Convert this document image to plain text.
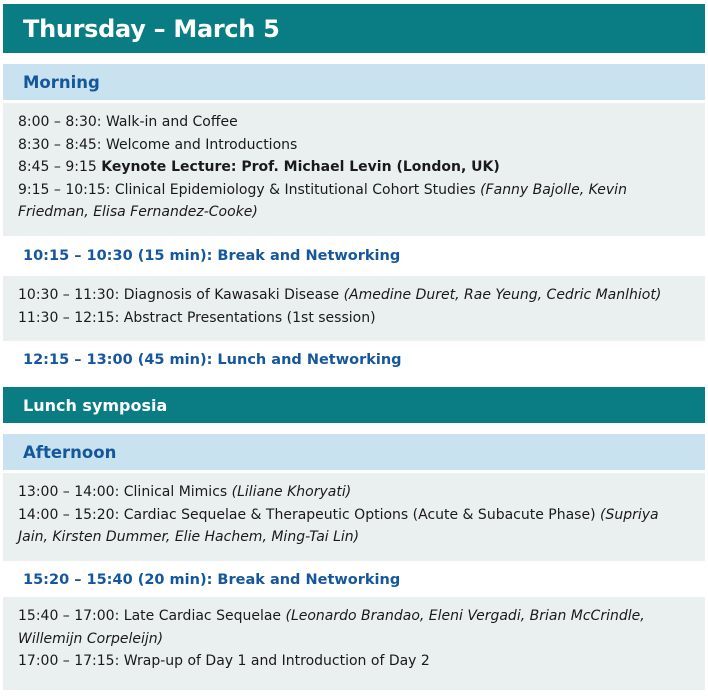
Thursday – March 5
Morning
8:00 – 8:30: Walk-in and Coffee
8:30 – 8:45: Welcome and Introductions
8:45 – 9:15 Keynote Lecture: Prof. Michael Levin (London, UK)
9:15 – 10:15: Clinical Epidemiology & Institutional Cohort Studies (Fanny Bajolle, Kevin Friedman, Elisa Fernandez-Cooke)
10:15 – 10:30 (15 min): Break and Networking
10:30 – 11:30: Diagnosis of Kawasaki Disease (Amedine Duret, Rae Yeung, Cedric Manlhiot)
11:30 – 12:15: Abstract Presentations (1st session)
12:15 – 13:00 (45 min): Lunch and Networking
Lunch symposia
Afternoon
13:00 – 14:00: Clinical Mimics (Liliane Khoryati)
14:00 – 15:20: Cardiac Sequelae & Therapeutic Options (Acute & Subacute Phase) (Supriya Jain, Kirsten Dummer, Elie Hachem, Ming-Tai Lin)
15:20 – 15:40 (20 min): Break and Networking
15:40 – 17:00: Late Cardiac Sequelae (Leonardo Brandao, Eleni Vergadi, Brian McCrindle, Willemijn Corpeleijn)
17:00 – 17:15: Wrap-up of Day 1 and Introduction of Day 2
